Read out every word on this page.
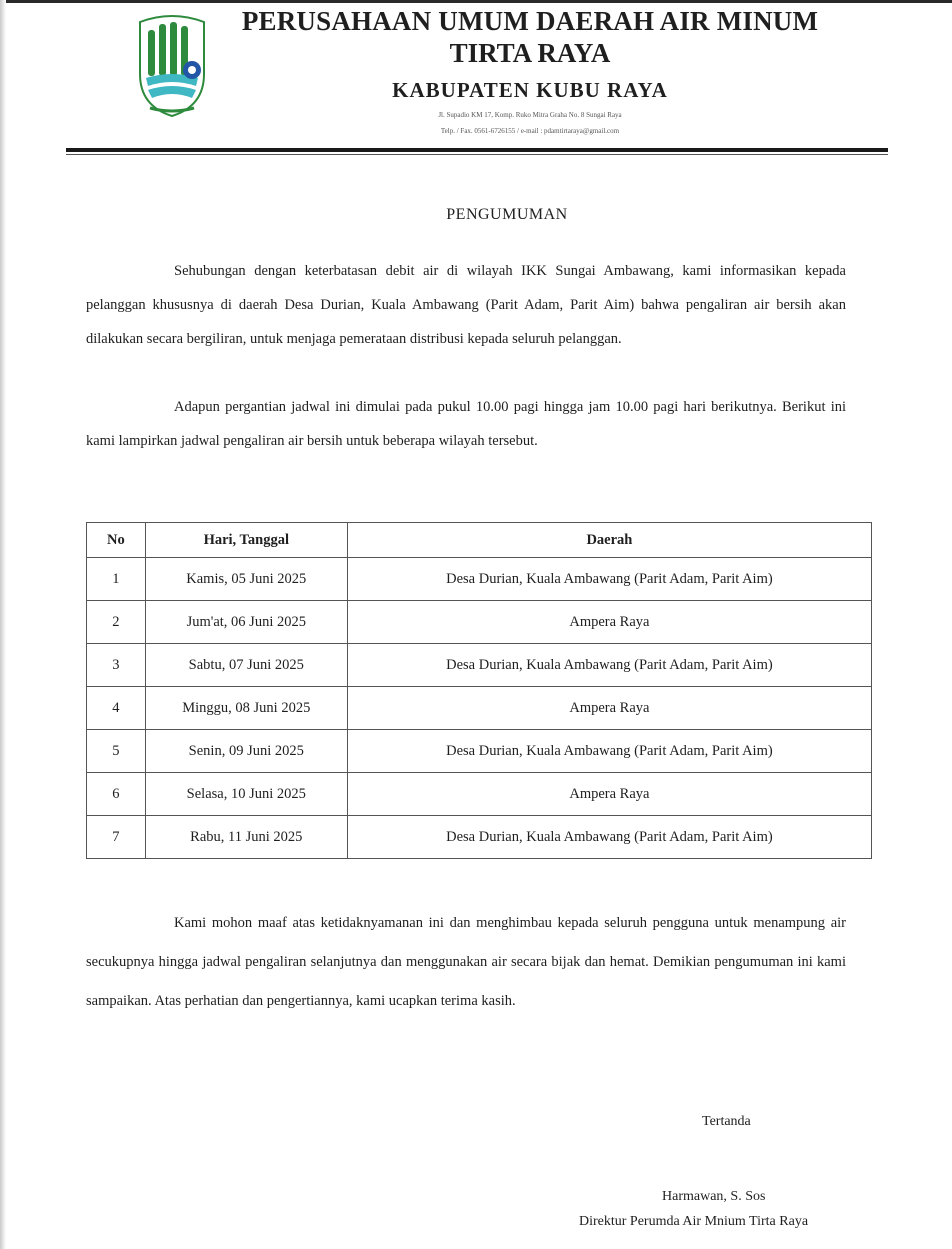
PERUSAHAAN UMUM DAERAH AIR MINUM
TIRTA RAYA
KABUPATEN KUBU RAYA
Jl. Supadio KM 17, Komp. Ruko Mitra Graha No. 8 Sungai Raya
Telp. / Fax. 0561-6726155 / e-mail : pdamtirtaraya@gmail.com
PENGUMUMAN

Sehubungan dengan keterbatasan debit air di wilayah IKK Sungai Ambawang, kami informasikan kepada pelanggan khususnya di daerah Desa Durian, Kuala Ambawang (Parit Adam, Parit Aim) bahwa pengaliran air bersih akan dilakukan secara bergiliran, untuk menjaga pemerataan distribusi kepada seluruh pelanggan.

Adapun pergantian jadwal ini dimulai pada pukul 10.00 pagi hingga jam 10.00 pagi hari berikutnya. Berikut ini kami lampirkan jadwal pengaliran air bersih untuk beberapa wilayah tersebut.

No	Hari, Tanggal	Daerah
1	Kamis, 05 Juni 2025	Desa Durian, Kuala Ambawang (Parit Adam, Parit Aim)
2	Jum'at, 06 Juni 2025	Ampera Raya
3	Sabtu, 07 Juni 2025	Desa Durian, Kuala Ambawang (Parit Adam, Parit Aim)
4	Minggu, 08 Juni 2025	Ampera Raya
5	Senin, 09 Juni 2025	Desa Durian, Kuala Ambawang (Parit Adam, Parit Aim)
6	Selasa, 10 Juni 2025	Ampera Raya
7	Rabu, 11 Juni 2025	Desa Durian, Kuala Ambawang (Parit Adam, Parit Aim)

Kami mohon maaf atas ketidaknyamanan ini dan menghimbau kepada seluruh pengguna untuk menampung air secukupnya hingga jadwal pengaliran selanjutnya dan menggunakan air secara bijak dan hemat. Demikian pengumuman ini kami sampaikan. Atas perhatian dan pengertiannya, kami ucapkan terima kasih.

Tertanda
Harmawan, S. Sos
Direktur Perumda Air Mnium Tirta Raya
